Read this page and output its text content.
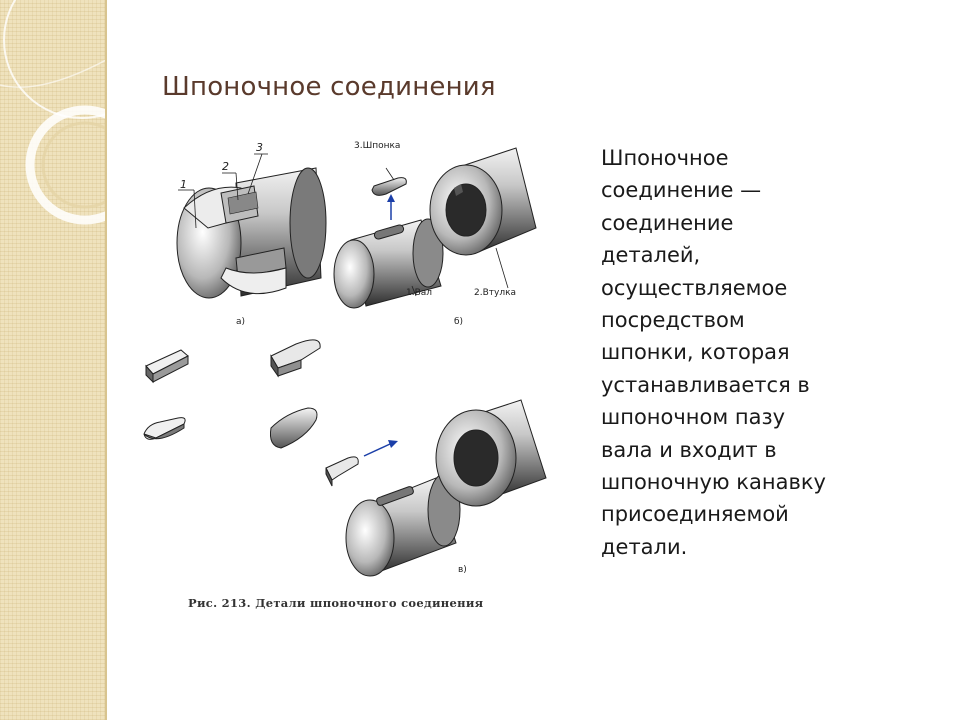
Шпоночное соединения
1
2
3
а)
3.Шпонка
1.Вал	2.Втулка
б)
в)
Рис. 213. Детали шпоночного соединения

Шпоночное соединение — соединение деталей, осуществляемое посредством шпонки, которая устанавливается в шпоночном пазу вала и входит в шпоночную канавку присоединяемой детали.
